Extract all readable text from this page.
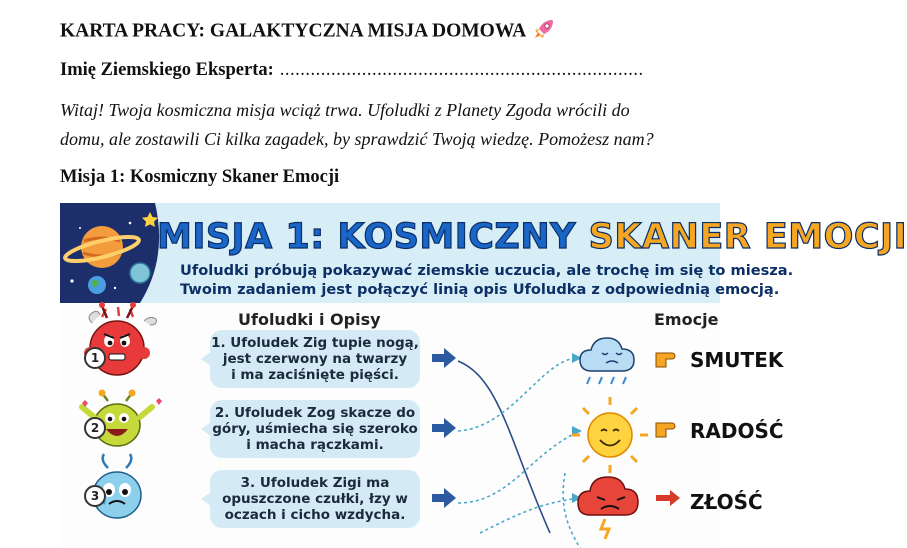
KARTA PRACY: GALAKTYCZNA MISJA DOMOWA
Imię Ziemskiego Eksperta: .......................................................................
Witaj! Twoja kosmiczna misja wciąż trwa. Ufoludki z Planety Zgoda wrócili do
domu, ale zostawili Ci kilka zagadek, by sprawdzić Twoją wiedzę. Pomożesz nam?
Misja 1: Kosmiczny Skaner Emocji
MISJA 1: KOSMICZNY SKANER EMOCJI
Ufoludki próbują pokazywać ziemskie uczucia, ale trochę im się to miesza.
Twoim zadaniem jest połączyć linią opis Ufoludka z odpowiednią emocją.
Ufoludki i Opisy	Emocje
1
2
3
1. Ufoludek Zig tupie nogą,
jest czerwony na twarzy
i ma zaciśnięte pięści.
2. Ufoludek Zog skacze do
góry, uśmiecha się szeroko
i macha rączkami.
3. Ufoludek Zigi ma
opuszczone czułki, łzy w
oczach i cicho wzdycha.
SMUTEK
RADOŚĆ
ZŁOŚĆ
